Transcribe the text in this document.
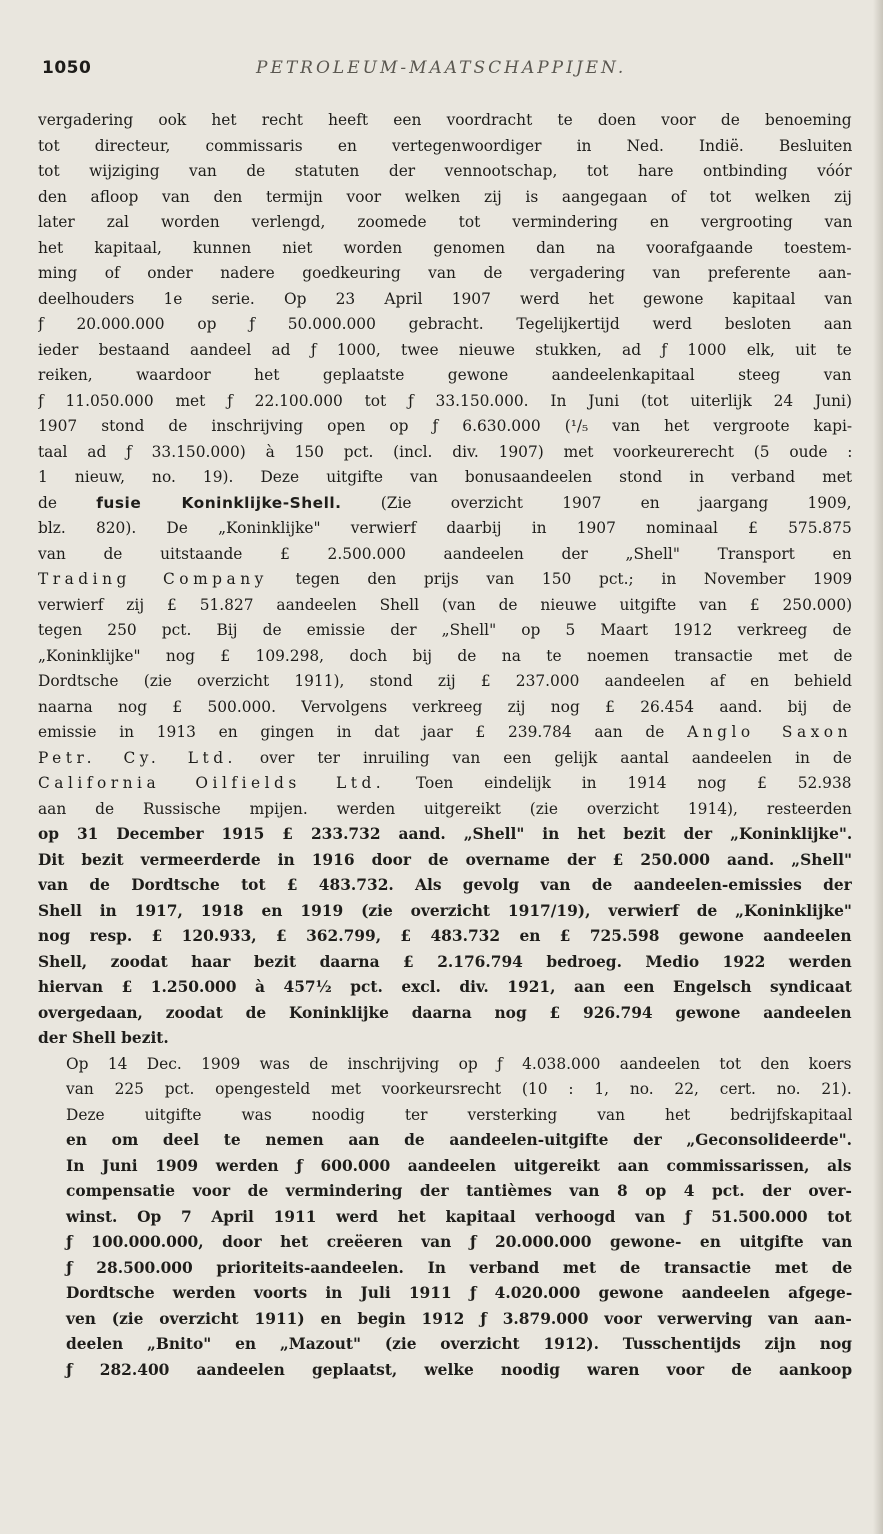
1050	PETROLEUM-MAATSCHAPPIJEN.
vergadering ook het recht heeft een voordracht te doen voor de benoeming
tot directeur, commissaris en vertegenwoordiger in Ned. Indië. Besluiten
tot wijziging van de statuten der vennootschap, tot hare ontbinding vóór
den afloop van den termijn voor welken zij is aangegaan of tot welken zij
later zal worden verlengd, zoomede tot vermindering en vergrooting van
het kapitaal, kunnen niet worden genomen dan na voorafgaande toestem-
ming of onder nadere goedkeuring van de vergadering van preferente aan-
deelhouders 1e serie. Op 23 April 1907 werd het gewone kapitaal van
ƒ 20.000.000 op ƒ 50.000.000 gebracht. Tegelijkertijd werd besloten aan
ieder bestaand aandeel ad ƒ 1000, twee nieuwe stukken, ad ƒ 1000 elk, uit te
reiken, waardoor het geplaatste gewone aandeelenkapitaal steeg van
ƒ 11.050.000 met ƒ 22.100.000 tot ƒ 33.150.000. In Juni (tot uiterlijk 24 Juni)
1907 stond de inschrijving open op ƒ 6.630.000 (¹/₅ van het vergroote kapi-
taal ad ƒ 33.150.000) à 150 pct. (incl. div. 1907) met voorkeurerecht (5 oude :
1 nieuw, no. 19). Deze uitgifte van bonusaandeelen stond in verband met
de fusie Koninklijke-Shell. (Zie overzicht 1907 en jaargang 1909,
blz. 820). De „Koninklijke" verwierf daarbij in 1907 nominaal £ 575.875
van de uitstaande £ 2.500.000 aandeelen der „Shell" Transport en
Trading Company tegen den prijs van 150 pct.; in November 1909
verwierf zij £ 51.827 aandeelen Shell (van de nieuwe uitgifte van £ 250.000)
tegen 250 pct. Bij de emissie der „Shell" op 5 Maart 1912 verkreeg de
„Koninklijke" nog £ 109.298, doch bij de na te noemen transactie met de
Dordtsche (zie overzicht 1911), stond zij £ 237.000 aandeelen af en behield
naarna nog £ 500.000. Vervolgens verkreeg zij nog £ 26.454 aand. bij de
emissie in 1913 en gingen in dat jaar £ 239.784 aan de Anglo Saxon
Petr. Cy. Ltd. over ter inruiling van een gelijk aantal aandeelen in de
California Oilfields Ltd. Toen eindelijk in 1914 nog £ 52.938
aan de Russische mpijen. werden uitgereikt (zie overzicht 1914), resteerden
op 31 December 1915 £ 233.732 aand. „Shell" in het bezit der „Koninklijke".
Dit bezit vermeerderde in 1916 door de overname der £ 250.000 aand. „Shell"
van de Dordtsche tot £ 483.732. Als gevolg van de aandeelen-emissies der
Shell in 1917, 1918 en 1919 (zie overzicht 1917/19), verwierf de „Koninklijke"
nog resp. £ 120.933, £ 362.799, £ 483.732 en £ 725.598 gewone aandeelen
Shell, zoodat haar bezit daarna £ 2.176.794 bedroeg. Medio 1922 werden
hiervan £ 1.250.000 à 457½ pct. excl. div. 1921, aan een Engelsch syndicaat
overgedaan, zoodat de Koninklijke daarna nog £ 926.794 gewone aandeelen
der Shell bezit.
Op 14 Dec. 1909 was de inschrijving op ƒ 4.038.000 aandeelen tot den koers
van 225 pct. opengesteld met voorkeursrecht (10 : 1, no. 22, cert. no. 21).
Deze uitgifte was noodig ter versterking van het bedrijfskapitaal
en om deel te nemen aan de aandeelen-uitgifte der „Geconsolideerde".
In Juni 1909 werden ƒ 600.000 aandeelen uitgereikt aan commissarissen, als
compensatie voor de vermindering der tantièmes van 8 op 4 pct. der over-
winst. Op 7 April 1911 werd het kapitaal verhoogd van ƒ 51.500.000 tot
ƒ 100.000.000, door het creëeren van ƒ 20.000.000 gewone- en uitgifte van
ƒ 28.500.000 prioriteits-aandeelen. In verband met de transactie met de
Dordtsche werden voorts in Juli 1911 ƒ 4.020.000 gewone aandeelen afgege-
ven (zie overzicht 1911) en begin 1912 ƒ 3.879.000 voor verwerving van aan-
deelen „Bnito" en „Mazout" (zie overzicht 1912). Tusschentijds zijn nog
ƒ 282.400 aandeelen geplaatst, welke noodig waren voor de aankoop
